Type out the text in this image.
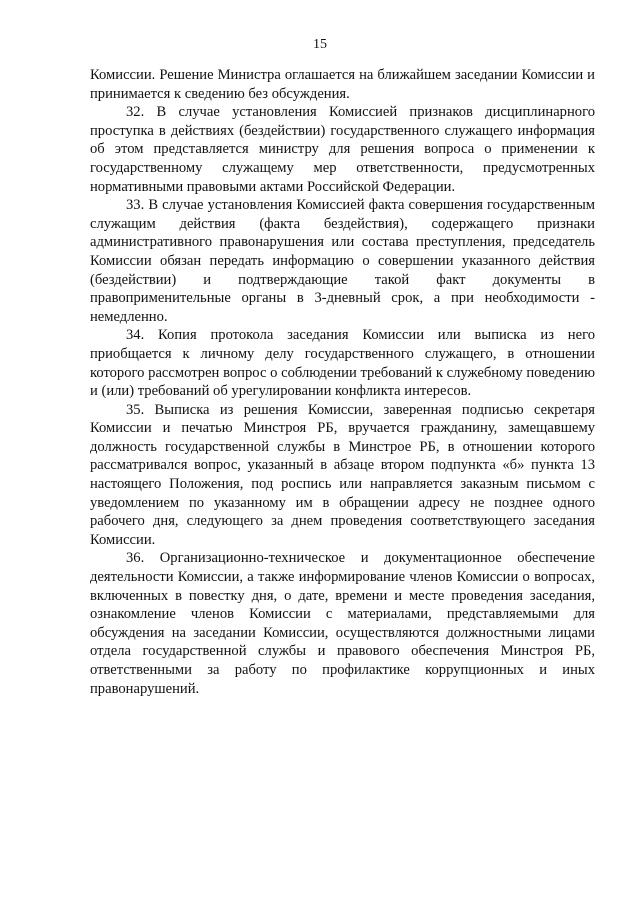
15

Комиссии. Решение Министра оглашается на ближайшем заседании Комиссии и принимается к сведению без обсуждения.

32. В случае установления Комиссией признаков дисциплинарного проступка в действиях (бездействии) государственного служащего информация об этом представляется министру для решения вопроса о применении к государственному служащему мер ответственности, предусмотренных нормативными правовыми актами Российской Федерации.

33. В случае установления Комиссией факта совершения государственным служащим действия (факта бездействия), содержащего признаки административного правонарушения или состава преступления, председатель Комиссии обязан передать информацию о совершении указанного действия (бездействии) и подтверждающие такой факт документы в правоприменительные органы в 3-дневный срок, а при необходимости - немедленно.

34. Копия протокола заседания Комиссии или выписка из него приобщается к личному делу государственного служащего, в отношении которого рассмотрен вопрос о соблюдении требований к служебному поведению и (или) требований об урегулировании конфликта интересов.

35. Выписка из решения Комиссии, заверенная подписью секретаря Комиссии и печатью Минстроя РБ, вручается гражданину, замещавшему должность государственной службы в Минстрое РБ, в отношении которого рассматривался вопрос, указанный в абзаце втором подпункта «б» пункта 13 настоящего Положения, под роспись или направляется заказным письмом с уведомлением по указанному им в обращении адресу не позднее одного рабочего дня, следующего за днем проведения соответствующего заседания Комиссии.

36. Организационно-техническое и документационное обеспечение деятельности Комиссии, а также информирование членов Комиссии о вопросах, включенных в повестку дня, о дате, времени и месте проведения заседания, ознакомление членов Комиссии с материалами, представляемыми для обсуждения на заседании Комиссии, осуществляются должностными лицами отдела государственной службы и правового обеспечения Минстроя РБ, ответственными за работу по профилактике коррупционных и иных правонарушений.
